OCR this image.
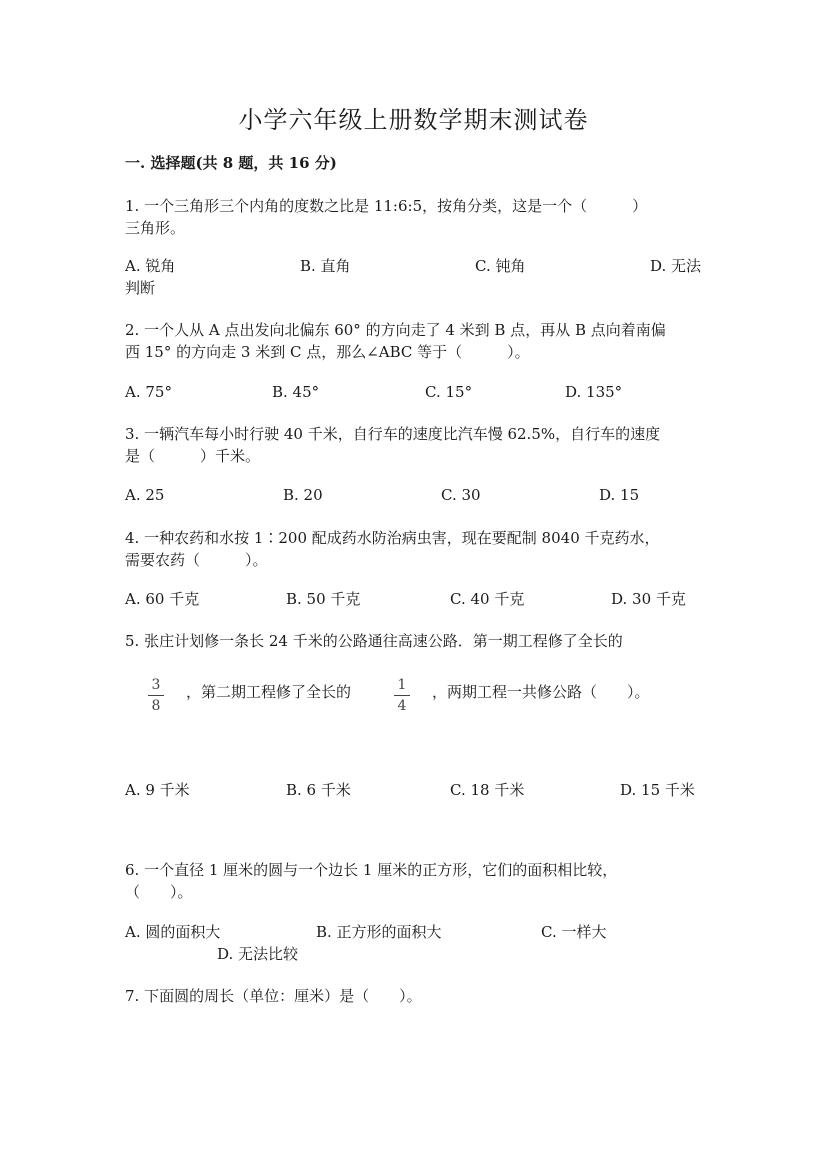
小学六年级上册数学期末测试卷
一. 选择题(共 8 题，共 16 分)
1. 一个三角形三个内角的度数之比是 11:6:5，按角分类，这是一个（　　　）
三角形。
A. 锐角	B. 直角	C. 钝角	D. 无法
判断
2. 一个人从 A 点出发向北偏东 60° 的方向走了 4 米到 B 点，再从 B 点向着南偏
西 15° 的方向走 3 米到 C 点，那么∠ABC 等于（　　　）。
A. 75°	B. 45°	C. 15°	D. 135°
3. 一辆汽车每小时行驶 40 千米，自行车的速度比汽车慢 62.5%，自行车的速度
是（　　　）千米。
A. 25	B. 20	C. 30	D. 15
4. 一种农药和水按 1∶200 配成药水防治病虫害，现在要配制 8040 千克药水，
需要农药（　　　）。
A. 60 千克	B. 50 千克	C. 40 千克	D. 30 千克
5. 张庄计划修一条长 24 千米的公路通往高速公路．第一期工程修了全长的
3
8
，第二期工程修了全长的	1
4
，两期工程一共修公路（　　）。
A. 9 千米	B. 6 千米	C. 18 千米	D. 15 千米
6. 一个直径 1 厘米的圆与一个边长 1 厘米的正方形，它们的面积相比较，
（　　）。
A. 圆的面积大	B. 正方形的面积大	C. 一样大
D. 无法比较
7. 下面圆的周长（单位：厘米）是（　　）。
